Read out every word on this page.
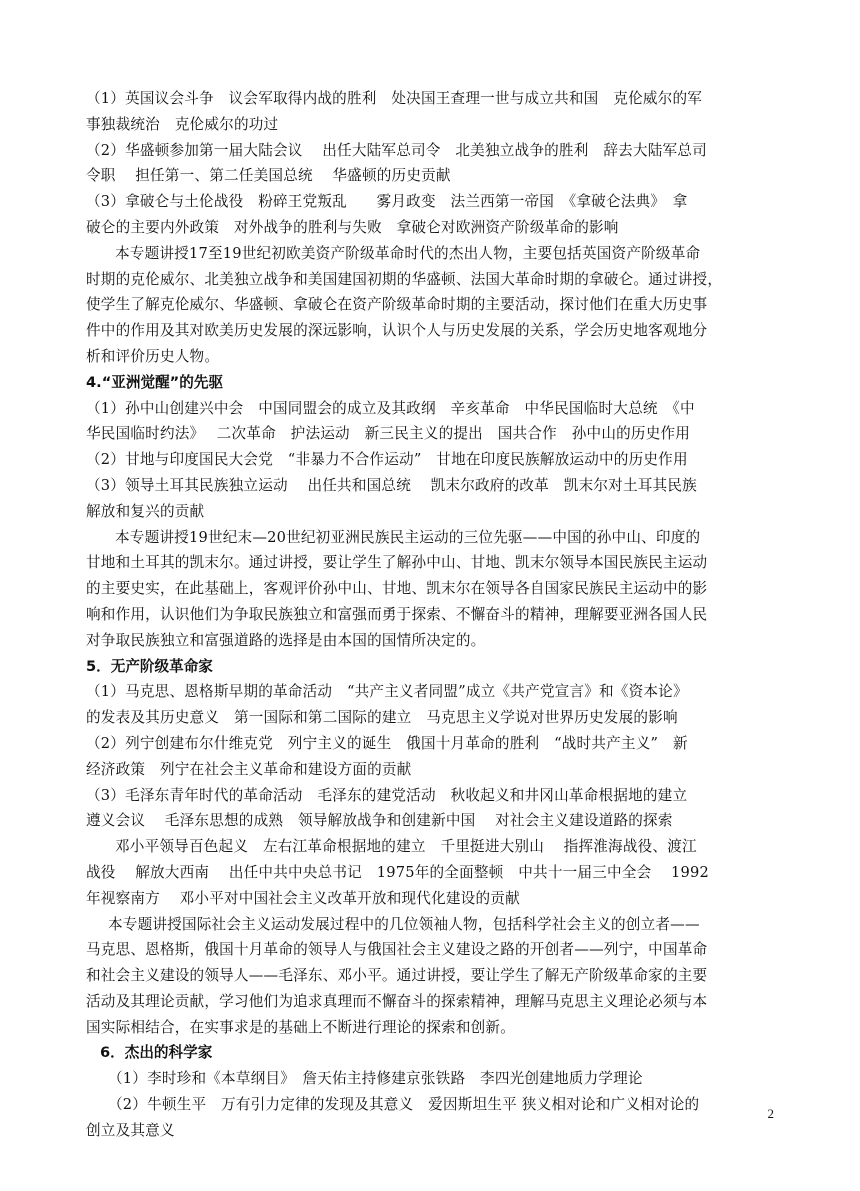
（1）英国议会斗争　议会军取得内战的胜利　处决国王查理一世与成立共和国　克伦威尔的军
事独裁统治　克伦威尔的功过
（2）华盛顿参加第一届大陆会议　 出任大陆军总司令　北美独立战争的胜利　辞去大陆军总司
令职　 担任第一、第二任美国总统　 华盛顿的历史贡献
（3）拿破仑与土伦战役　粉碎王党叛乱　　雾月政变　法兰西第一帝国　《拿破仑法典》　拿
破仑的主要内外政策　对外战争的胜利与失败　拿破仑对欧洲资产阶级革命的影响
本专题讲授17至19世纪初欧美资产阶级革命时代的杰出人物，主要包括英国资产阶级革命
时期的克伦威尔、北美独立战争和美国建国初期的华盛顿、法国大革命时期的拿破仑。通过讲授，
使学生了解克伦威尔、华盛顿、拿破仑在资产阶级革命时期的主要活动，探讨他们在重大历史事
件中的作用及其对欧美历史发展的深远影响，认识个人与历史发展的关系，学会历史地客观地分
析和评价历史人物。
4.“亚洲觉醒”的先驱
（1）孙中山创建兴中会　中国同盟会的成立及其政纲　辛亥革命　中华民国临时大总统　《中
华民国临时约法》　 二次革命　护法运动　新三民主义的提出　国共合作　孙中山的历史作用
（2）甘地与印度国民大会党　“非暴力不合作运动”　甘地在印度民族解放运动中的历史作用
（3）领导土耳其民族独立运动　 出任共和国总统　 凯末尔政府的改革　凯末尔对土耳其民族
解放和复兴的贡献
本专题讲授19世纪末—20世纪初亚洲民族民主运动的三位先驱——中国的孙中山、印度的
甘地和土耳其的凯末尔。通过讲授，要让学生了解孙中山、甘地、凯末尔领导本国民族民主运动
的主要史实，在此基础上，客观评价孙中山、甘地、凯末尔在领导各自国家民族民主运动中的影
响和作用，认识他们为争取民族独立和富强而勇于探索、不懈奋斗的精神，理解要亚洲各国人民
对争取民族独立和富强道路的选择是由本国的国情所决定的。
5．无产阶级革命家
（1）马克思、恩格斯早期的革命活动　“共产主义者同盟”成立《共产党宣言》和《资本论》
的发表及其历史意义　第一国际和第二国际的建立　马克思主义学说对世界历史发展的影响
（2）列宁创建布尔什维克党　列宁主义的诞生　俄国十月革命的胜利　“战时共产主义”　新
经济政策　列宁在社会主义革命和建设方面的贡献
（3）毛泽东青年时代的革命活动　毛泽东的建党活动　秋收起义和井冈山革命根据地的建立
遵义会议　 毛泽东思想的成熟　领导解放战争和创建新中国　 对社会主义建设道路的探索
邓小平领导百色起义　左右江革命根据地的建立　千里挺进大别山　 指挥淮海战役、渡江
战役　 解放大西南　 出任中共中央总书记　1975年的全面整顿　中共十一届三中全会　 1992
年视察南方　 邓小平对中国社会主义改革开放和现代化建设的贡献
本专题讲授国际社会主义运动发展过程中的几位领袖人物，包括科学社会主义的创立者——
马克思、恩格斯，俄国十月革命的领导人与俄国社会主义建设之路的开创者——列宁，中国革命
和社会主义建设的领导人——毛泽东、邓小平。通过讲授，要让学生了解无产阶级革命家的主要
活动及其理论贡献，学习他们为追求真理而不懈奋斗的探索精神，理解马克思主义理论必须与本
国实际相结合，在实事求是的基础上不断进行理论的探索和创新。
6．杰出的科学家
（1）李时珍和《本草纲目》　詹天佑主持修建京张铁路　李四光创建地质力学理论
（2）牛顿生平　万有引力定律的发现及其意义　爱因斯坦生平 狭义相对论和广义相对论的
创立及其意义
2
